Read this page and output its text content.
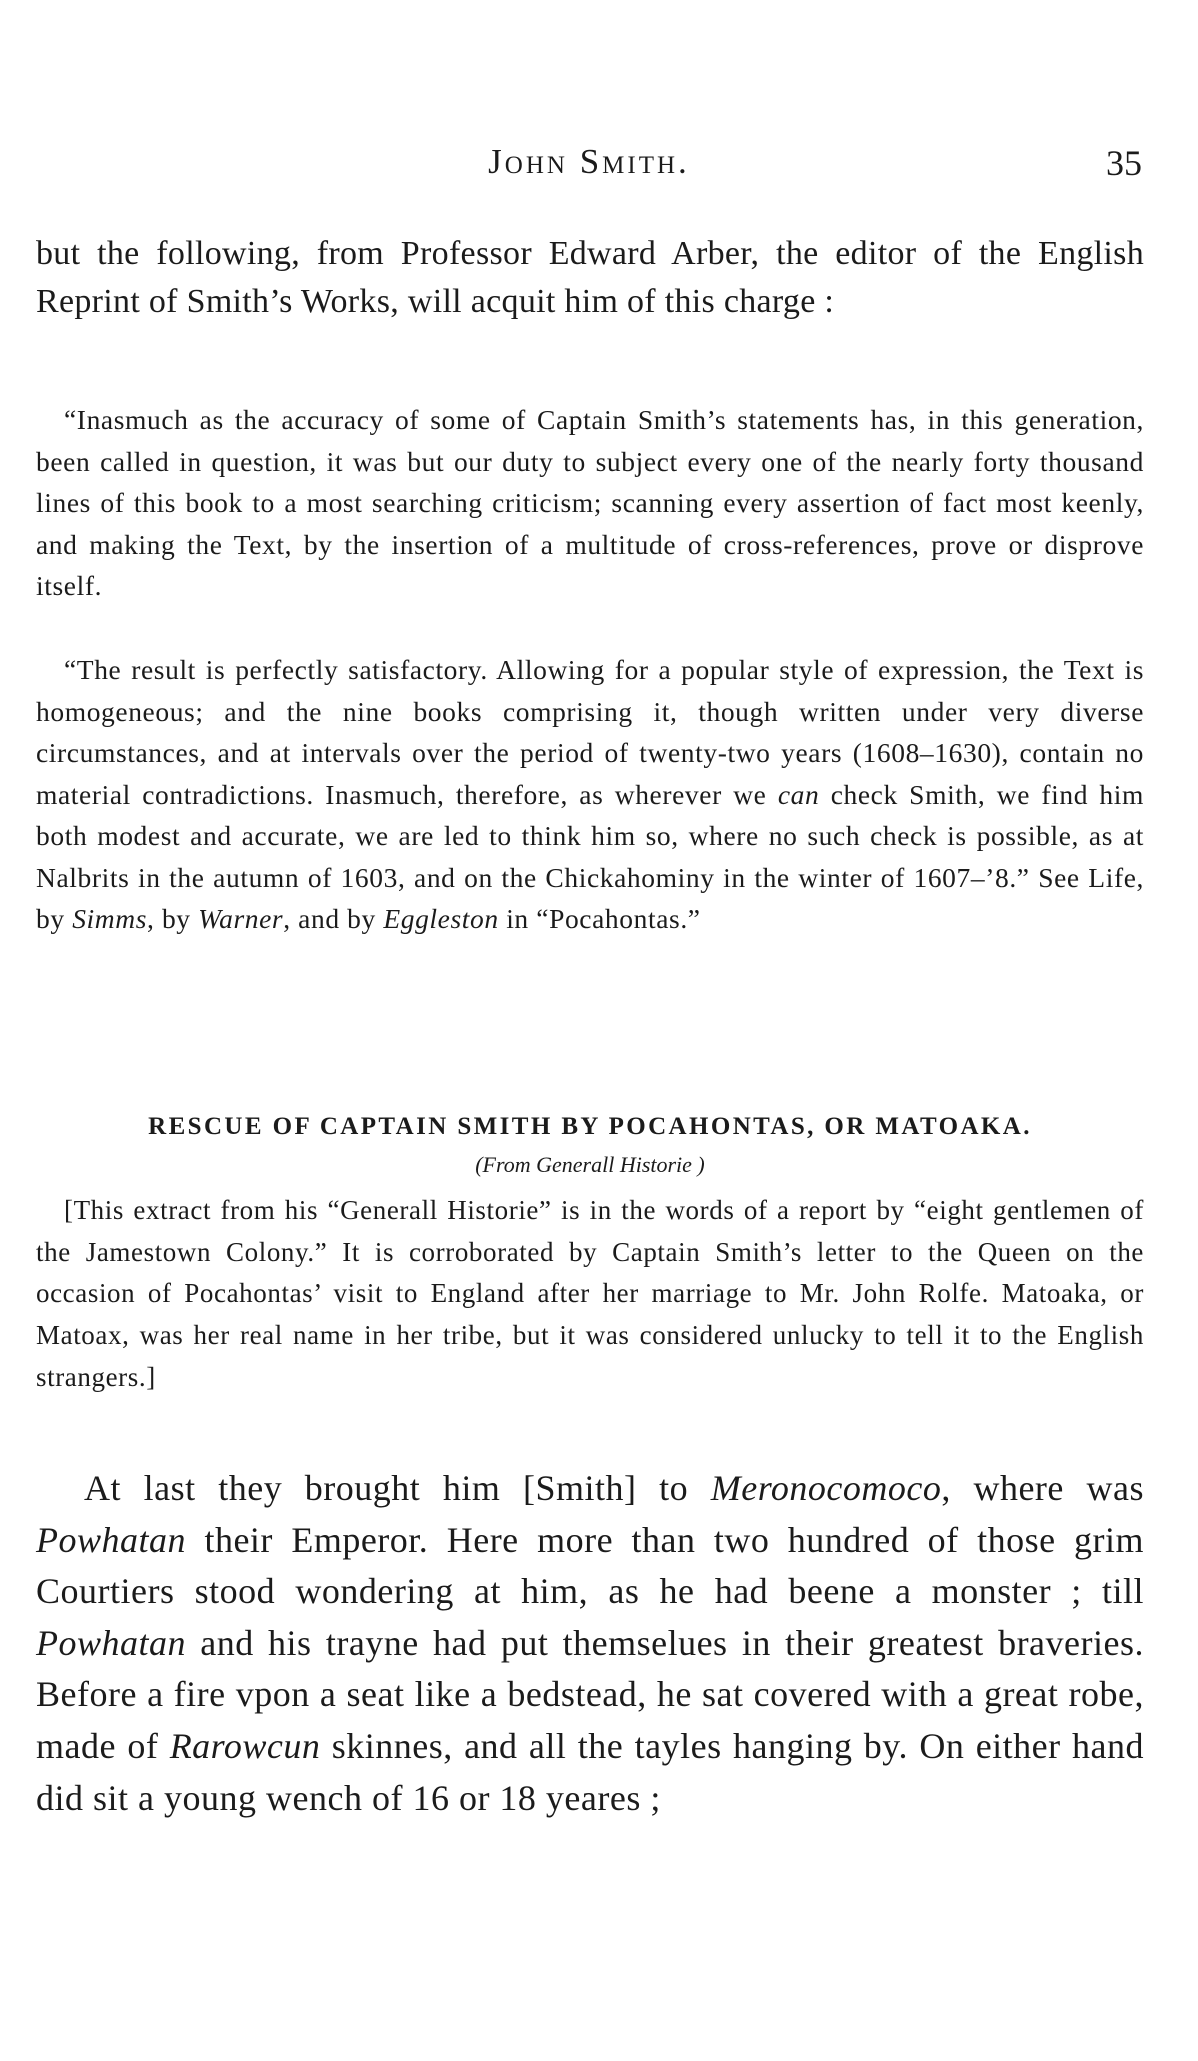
John Smith.	35

but the following, from Professor Edward Arber, the editor of the English Reprint of Smith’s Works, will acquit him of this charge :

“Inasmuch as the accuracy of some of Captain Smith’s statements has, in this generation, been called in question, it was but our duty to subject every one of the nearly forty thousand lines of this book to a most searching criticism; scanning every assertion of fact most keenly, and making the Text, by the insertion of a multitude of cross-references, prove or disprove itself.

“The result is perfectly satisfactory. Allowing for a popular style of expression, the Text is homogeneous; and the nine books comprising it, though written under very diverse circumstances, and at intervals over the period of twenty-two years (1608–1630), contain no material contradictions. Inasmuch, therefore, as wherever we can check Smith, we find him both modest and accurate, we are led to think him so, where no such check is possible, as at Nalbrits in the autumn of 1603, and on the Chickahominy in the winter of 1607–’8.” See Life, by Simms, by Warner, and by Eggleston in “Pocahontas.”

RESCUE OF CAPTAIN SMITH BY POCAHONTAS, OR MATOAKA.

(From Generall Historie )

[This extract from his “Generall Historie” is in the words of a report by “eight gentlemen of the Jamestown Colony.” It is corroborated by Captain Smith’s letter to the Queen on the occasion of Pocahontas’ visit to England after her marriage to Mr. John Rolfe. Matoaka, or Matoax, was her real name in her tribe, but it was considered unlucky to tell it to the English strangers.]

At last they brought him [Smith] to Meronocomoco, where was Powhatan their Emperor. Here more than two hundred of those grim Courtiers stood wondering at him, as he had beene a monster ; till Powhatan and his trayne had put themselues in their greatest braveries. Before a fire vpon a seat like a bedstead, he sat covered with a great robe, made of Rarowcun skinnes, and all the tayles hanging by. On either hand did sit a young wench of 16 or 18 yeares ;
